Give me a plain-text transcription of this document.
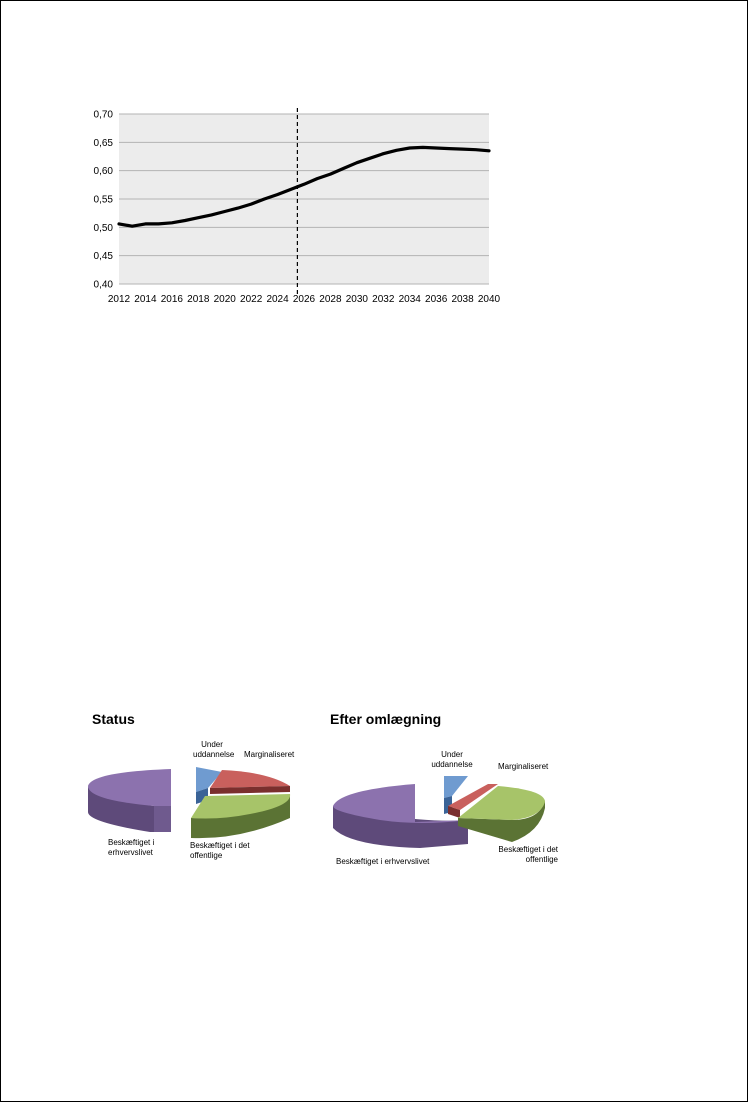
0,40
0,45
0,50
0,55
0,60
0,65
0,70
2012 2014 2016 2018 2020 2022 2024 2026 2028 2030 2032 2034 2036 2038 2040
Status
Under
uddannelse Marginaliseret
Beskæftiget i det
offentlige
Beskæftiget i
erhvervslivet
Efter omlægning
Under
uddannelse	Marginaliseret
Beskæftiget i det
offentlige
Beskæftiget i erhvervslivet
